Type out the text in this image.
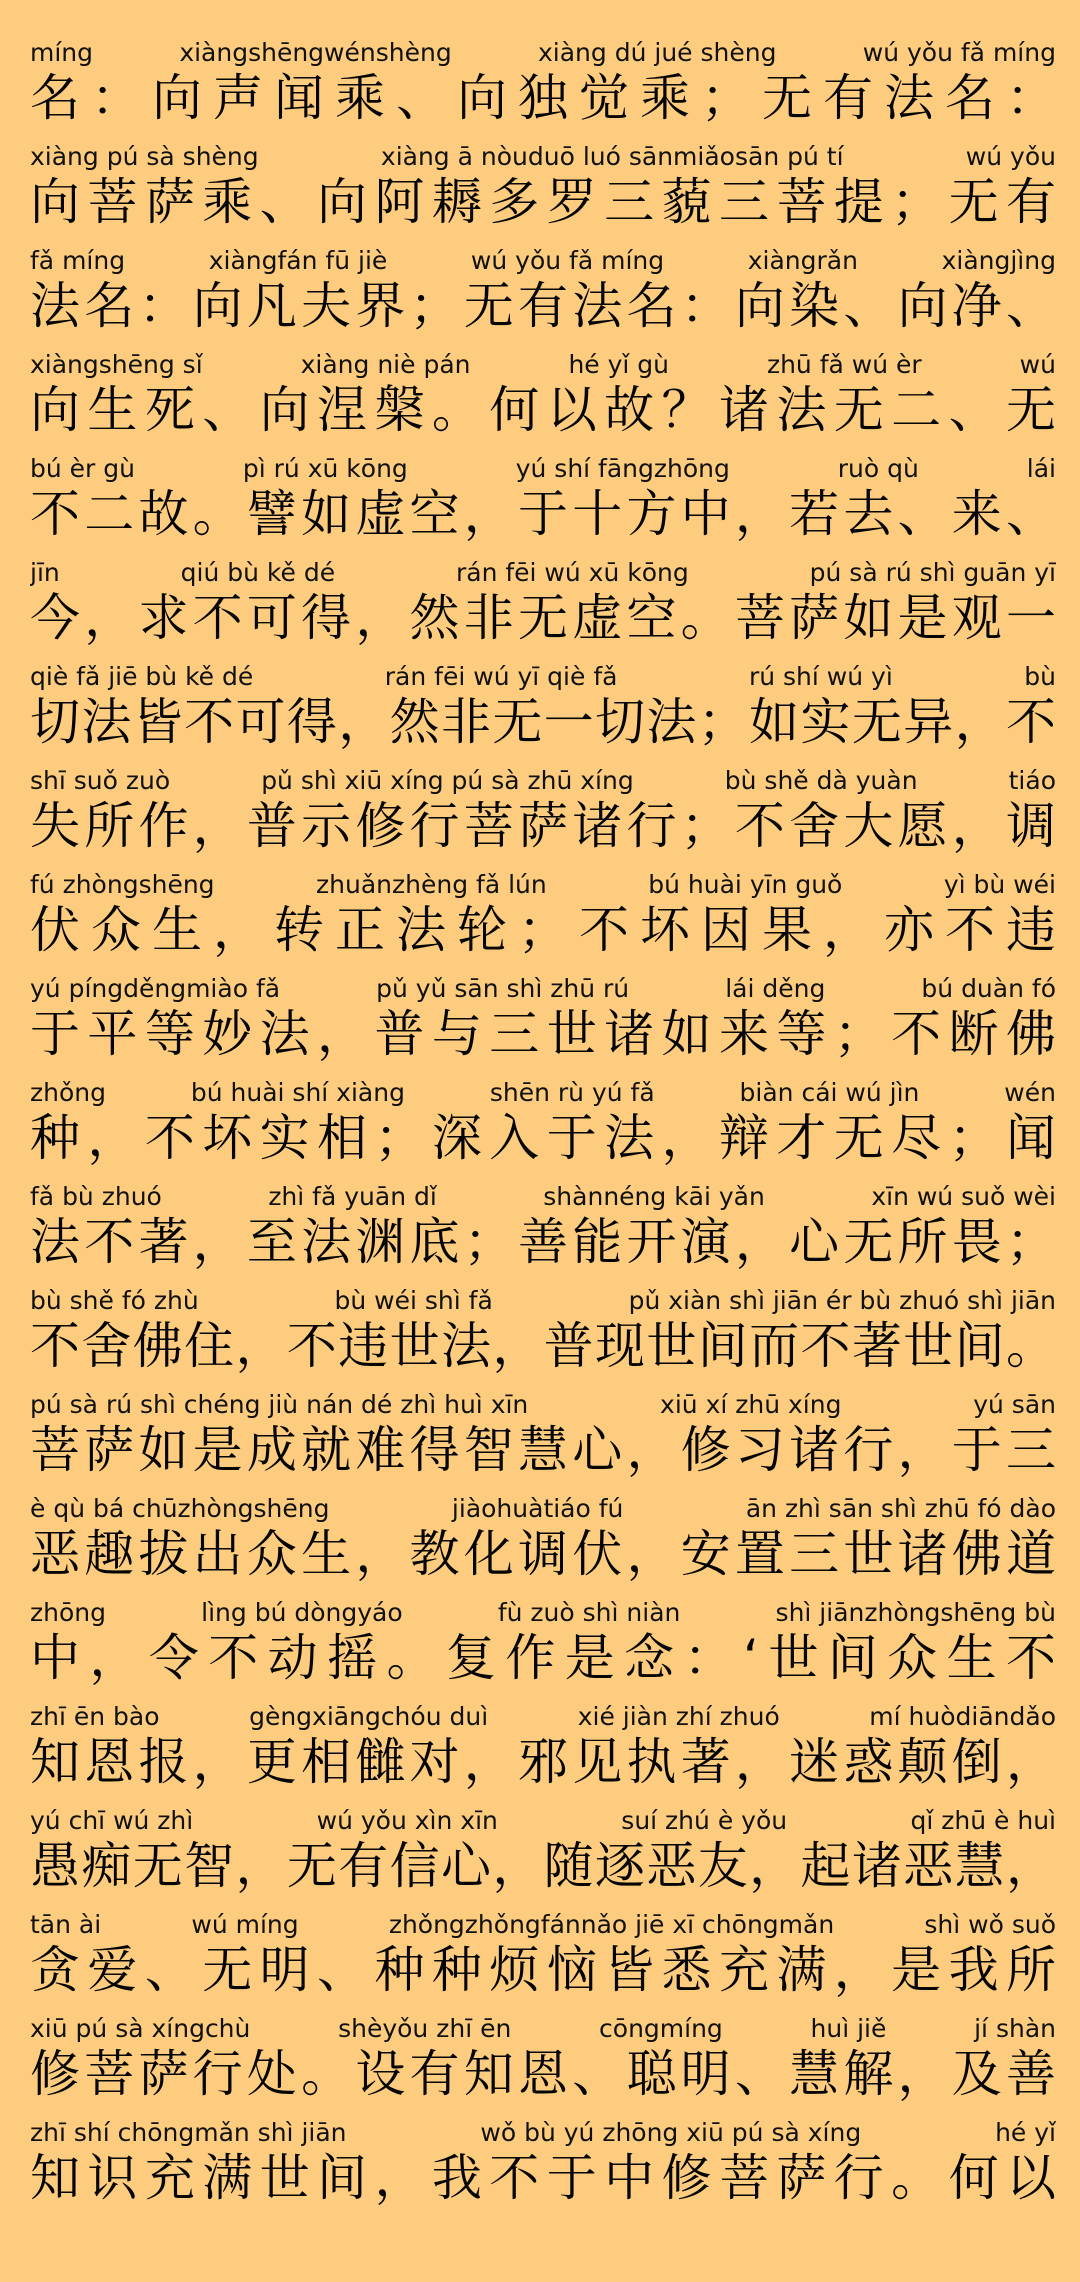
míng	xiàngshēngwénshèng	xiàng dú jué shèng	wú yǒu fǎ míng
名：向声闻乘、向独觉乘；无有法名：
xiàng pú sà shèng	xiàng ā nòuduō luó sānmiǎosān pú tí	wú yǒu
向菩萨乘、向阿耨多罗三藐三菩提；无有
fǎ míng	xiàngfán fū jiè	wú yǒu fǎ míng	xiàngrǎn	xiàngjìng
法名：向凡夫界；无有法名：向染、向净、
xiàngshēng sǐ	xiàng niè pán	hé yǐ gù	zhū fǎ wú èr	wú
向生死、向涅槃。何以故？诸法无二、无
bú èr gù	pì rú xū kōng	yú shí fāngzhōng	ruò qù	lái
不二故。譬如虚空，于十方中，若去、来、
jīn	qiú bù kě dé	rán fēi wú xū kōng	pú sà rú shì guān yī
今，求不可得，然非无虚空。菩萨如是观一
qiè fǎ jiē bù kě dé	rán fēi wú yī qiè fǎ	rú shí wú yì	bù
切法皆不可得，然非无一切法；如实无异，不
shī suǒ zuò	pǔ shì xiū xíng pú sà zhū xíng	bù shě dà yuàn	tiáo
失所作，普示修行菩萨诸行；不舍大愿，调
fú zhòngshēng	zhuǎnzhèng fǎ lún	bú huài yīn guǒ	yì bù wéi
伏众生，转正法轮；不坏因果，亦不违
yú píngděngmiào fǎ	pǔ yǔ sān shì zhū rú	lái děng	bú duàn fó
于平等妙法，普与三世诸如来等；不断佛
zhǒng	bú huài shí xiàng	shēn rù yú fǎ	biàn cái wú jìn	wén
种，不坏实相；深入于法，辩才无尽；闻
fǎ bù zhuó	zhì fǎ yuān dǐ	shànnéng kāi yǎn	xīn wú suǒ wèi
法不著，至法渊底；善能开演，心无所畏；
bù shě fó zhù	bù wéi shì fǎ	pǔ xiàn shì jiān ér bù zhuó shì jiān
不舍佛住，不违世法，普现世间而不著世间。
pú sà rú shì chéng jiù nán dé zhì huì xīn	xiū xí zhū xíng	yú sān
菩萨如是成就难得智慧心，修习诸行，于三
è qù bá chūzhòngshēng	jiàohuàtiáo fú	ān zhì sān shì zhū fó dào
恶趣拔出众生，教化调伏，安置三世诸佛道
zhōng	lìng bú dòngyáo	fù zuò shì niàn	shì jiānzhòngshēng bù
中，令不动摇。复作是念：‘世间众生不
zhī ēn bào	gèngxiāngchóu duì	xié jiàn zhí zhuó	mí huòdiāndǎo
知恩报，更相雠对，邪见执著，迷惑颠倒，
yú chī wú zhì	wú yǒu xìn xīn	suí zhú è yǒu	qǐ zhū è huì
愚痴无智，无有信心，随逐恶友，起诸恶慧，
tān ài	wú míng	zhǒngzhǒngfánnǎo jiē xī chōngmǎn	shì wǒ suǒ
贪爱、无明、种种烦恼皆悉充满，是我所
xiū pú sà xíngchù	shèyǒu zhī ēn	cōngmíng	huì jiě	jí shàn
修菩萨行处。设有知恩、聪明、慧解，及善
zhī shí chōngmǎn shì jiān	wǒ bù yú zhōng xiū pú sà xíng	hé yǐ
知识充满世间，我不于中修菩萨行。何以
